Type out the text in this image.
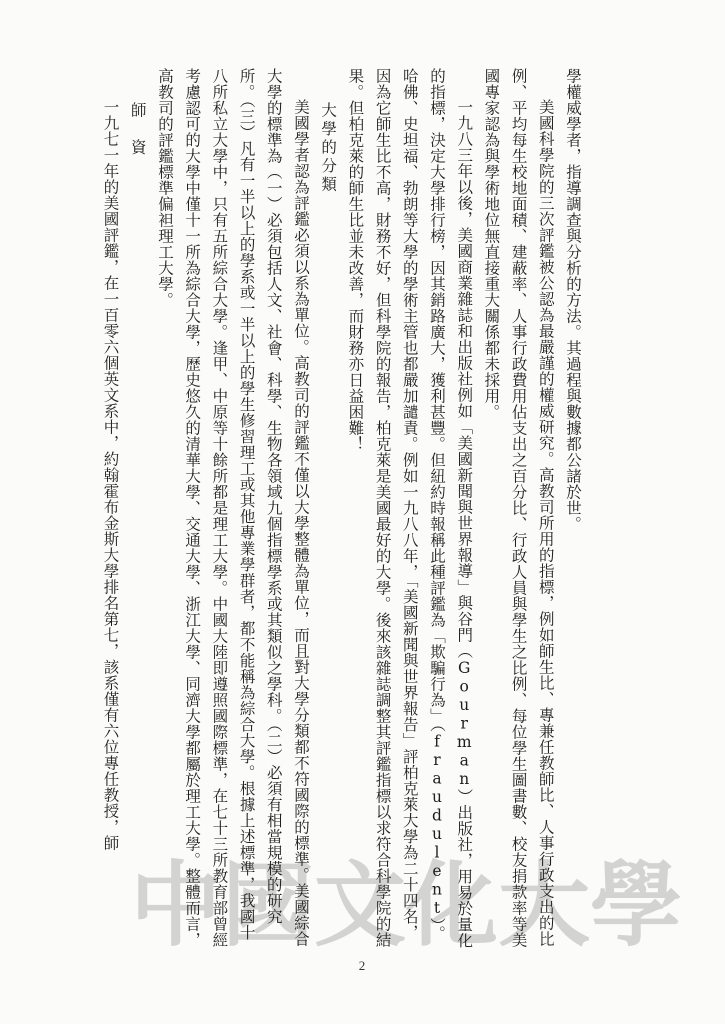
中 國 文 化 大 學

學權威學者，指導調查與分析的方法。其過程與數據都公諸於世。

美國科學院的三次評鑑被公認為最嚴謹的權威研究。高教司所用的指標，例如師生比、專兼任教師比、人事行政支出的比例、平均每生校地面積、建蔽率、人事行政費用佔支出之百分比、行政人員與學生之比例、每位學生圖書數、校友捐款率等美國專家認為與學術地位無直接重大關係都未採用。

一九八三年以後，美國商業雜誌和出版社例如「美國新聞與世界報導」與谷門（Gourman）出版社，用易於量化的指標，決定大學排行榜，因其銷路廣大，獲利甚豐。但紐約時報稱此種評鑑為「欺騙行為」（fraudulent）。哈佛、史坦福、勃朗等大學的學術主管也都嚴加譴責。例如一九八八年，「美國新聞與世界報告」評柏克萊大學為二十四名，因為它師生比不高，財務不好，但科學院的報告，柏克萊是美國最好的大學。後來該雜誌調整其評鑑指標以求符合科學院的結果。但柏克萊的師生比並未改善，而財務亦日益困難！

大學的分類

美國學者認為評鑑必須以系為單位。高教司的評鑑不僅以大學整體為單位，而且對大學分類都不符國際的標準。美國綜合大學的標準為（一）必須包括人文、社會、科學、生物各領域九個指標學系或其類似之學科。（二）必須有相當規模的研究所。（三）凡有一半以上的學系或一半以上的學生修習理工或其他專業學群者，都不能稱為綜合大學。根據上述標準，我國十八所私立大學中，只有五所綜合大學。逢甲、中原等十餘所都是理工大學。中國大陸即遵照國際標準，在七十三所教育部曾經考慮認可的大學中僅十一所為綜合大學，歷史悠久的清華大學、交通大學、浙江大學、同濟大學都屬於理工大學。整體而言，高教司的評鑑標準偏袒理工大學。

師　資

一九七一年的美國評鑑，在一百零六個英文系中，約翰霍布金斯大學排名第七，該系僅有六位專任教授，師

2
